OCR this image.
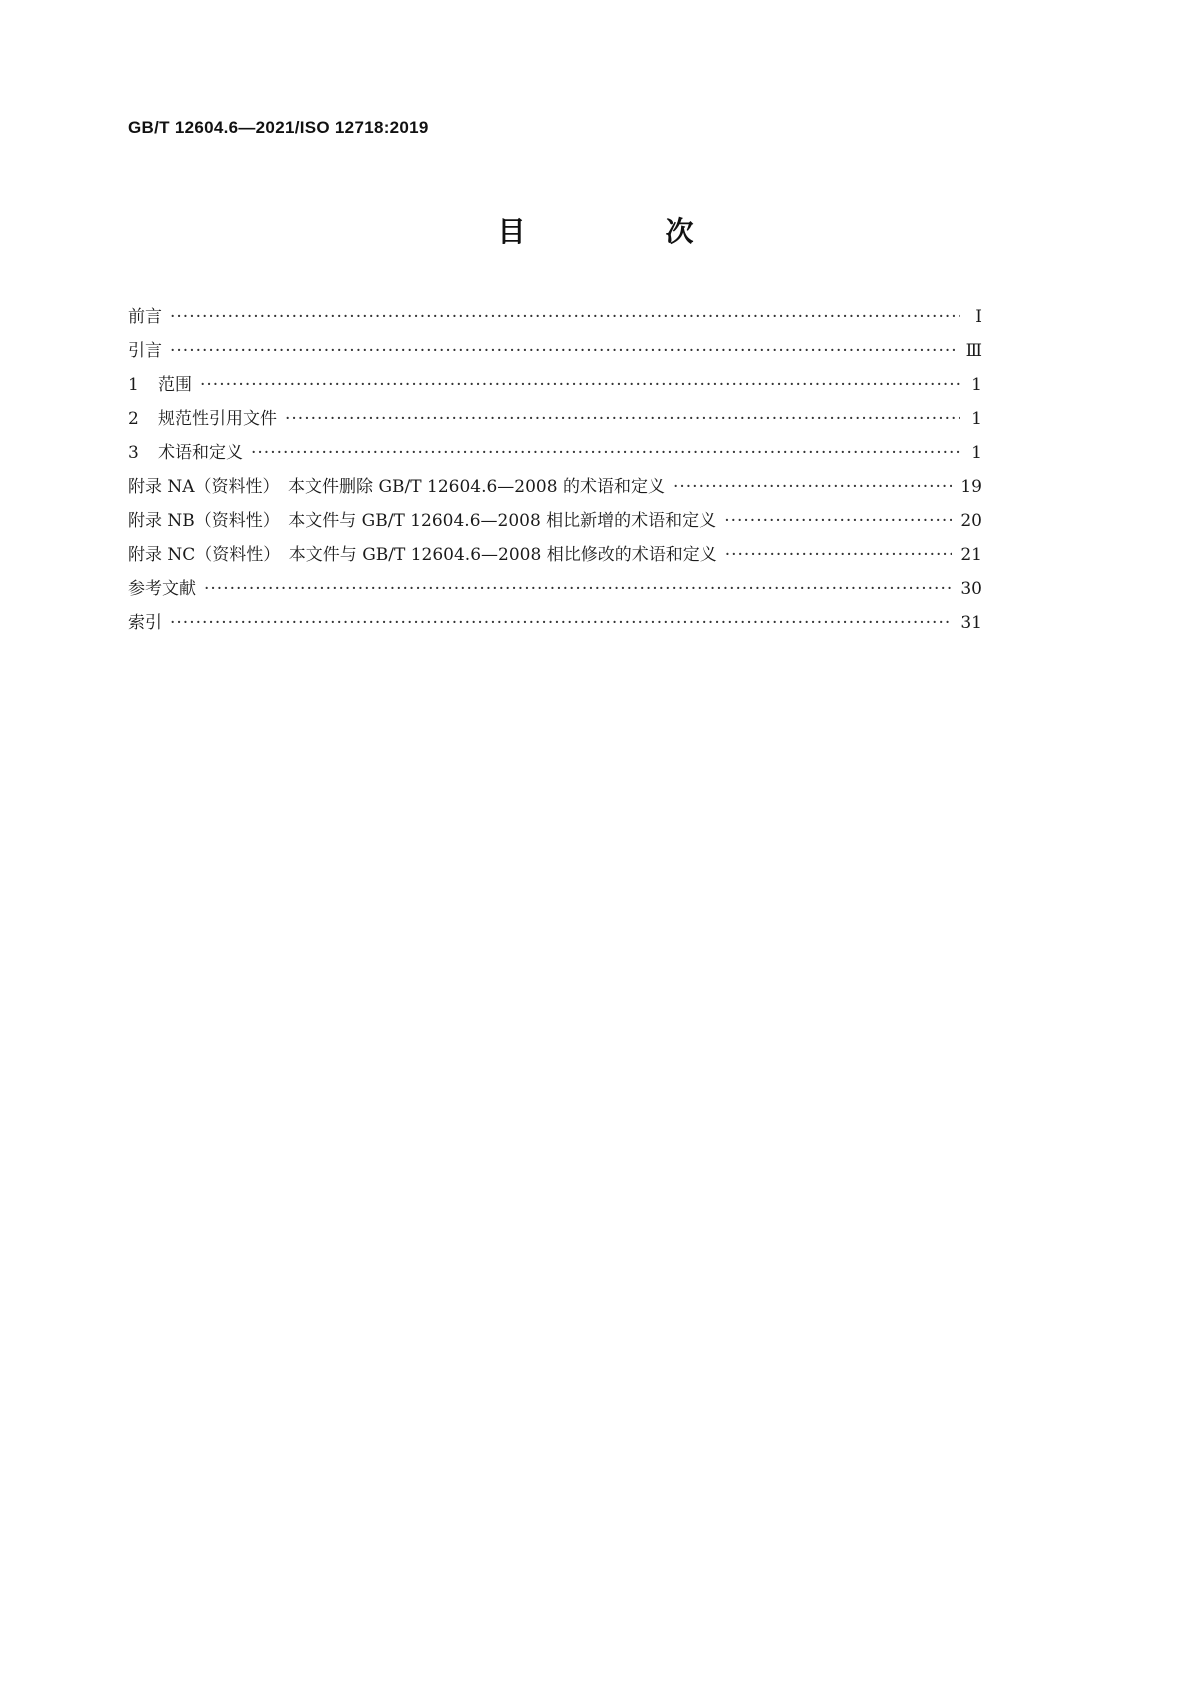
GB/T 12604.6—2021/ISO 12718:2019
目　次
前言 ·····	Ⅰ
引言 ·····	Ⅲ
1 范围 ·····	1
2 规范性引用文件 ·····	1
3 术语和定义 ·····	1
附录 NA（资料性）　本文件删除 GB/T 12604.6—2008 的术语和定义 ·····	19
附录 NB（资料性）　本文件与 GB/T 12604.6—2008 相比新增的术语和定义 ·····	20
附录 NC（资料性）　本文件与 GB/T 12604.6—2008 相比修改的术语和定义 ·····	21
参考文献 ·····	30
索引 ·····	31
